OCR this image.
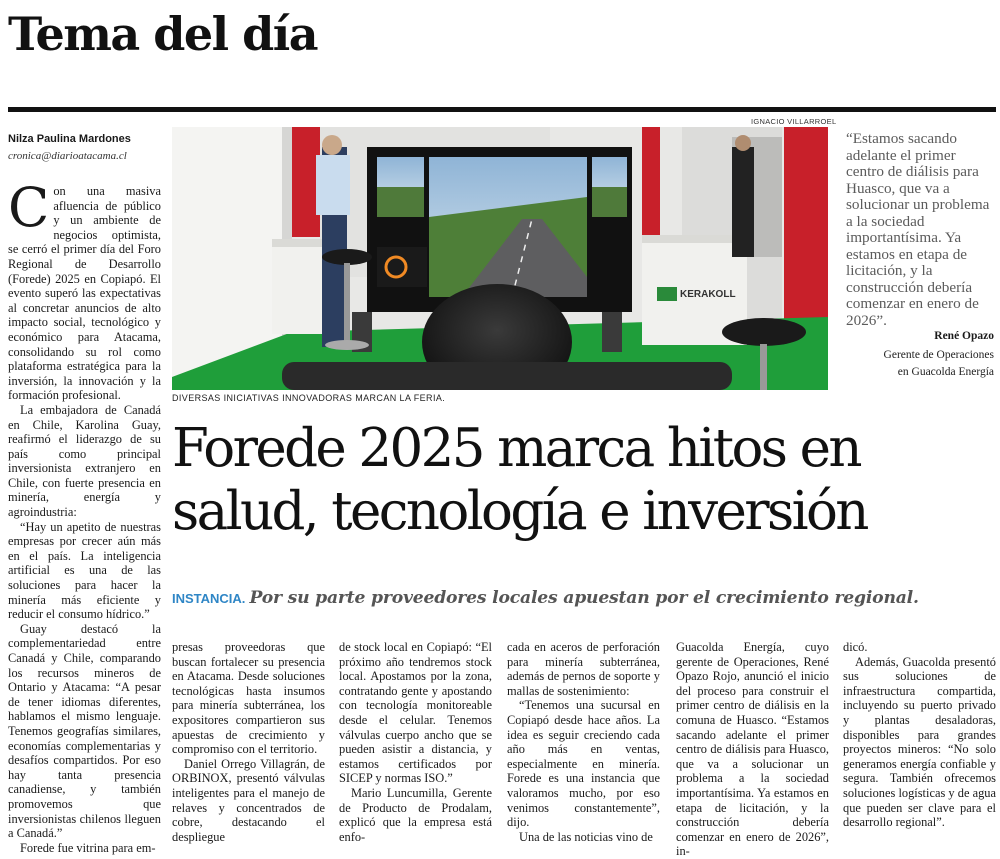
Tema del día
Nilza Paulina Mardones
cronica@diarioatacama.cl

Con una masiva afluencia de público y un ambiente de negocios optimista, se cerró el primer día del Foro Regional de Desarrollo (Forede) 2025 en Copiapó. El evento superó las expectativas al concretar anuncios de alto impacto social, tecnológico y económico para Atacama, consolidando su rol como plataforma estratégica para la inversión, la innovación y la formación profesional.

La embajadora de Canadá en Chile, Karolina Guay, reafirmó el liderazgo de su país como principal inversionista extranjero en Chile, con fuerte presencia en minería, energía y agroindustria:

“Hay un apetito de nuestras empresas por crecer aún más en el país. La inteligencia artificial es una de las soluciones para hacer la minería más eficiente y reducir el consumo hídrico.”

Guay destacó la complementariedad entre Canadá y Chile, comparando los recursos mineros de Ontario y Atacama: “A pesar de tener idiomas diferentes, hablamos el mismo lenguaje. Tenemos geografías similares, economías complementarias y desafíos compartidos. Por eso hay tanta presencia canadiense, y también promovemos que inversionistas chilenos lleguen a Canadá.”

Forede fue vitrina para em-

IGNACIO VILLARROEL
KERAKOLL
DIVERSAS INICIATIVAS INNOVADORAS MARCAN LA FERIA.
“Estamos sacando adelante el primer centro de diálisis para Huasco, que va a solucionar un problema a la sociedad importantísima. Ya estamos en etapa de licitación, y la construcción debería comenzar en enero de 2026”.
René Opazo
Gerente de Operaciones
en Guacolda Energía
Forede 2025 marca hitos en
salud, tecnología e inversión
INSTANCIA. Por su parte proveedores locales apuestan por el crecimiento regional.

presas proveedoras que buscan fortalecer su presencia en Atacama. Desde soluciones tecnológicas hasta insumos para minería subterránea, los expositores compartieron sus apuestas de crecimiento y compromiso con el territorio.

Daniel Orrego Villagrán, de ORBINOX, presentó válvulas inteligentes para el manejo de relaves y concentrados de cobre, destacando el despliegue

de stock local en Copiapó: “El próximo año tendremos stock local. Apostamos por la zona, contratando gente y apostando con tecnología monitoreable desde el celular. Tenemos válvulas cuerpo ancho que se pueden asistir a distancia, y estamos certificados por SICEP y normas ISO.”

Mario Luncumilla, Gerente de Producto de Prodalam, explicó que la empresa está enfo-

cada en aceros de perforación para minería subterránea, además de pernos de soporte y mallas de sostenimiento:

“Tenemos una sucursal en Copiapó desde hace años. La idea es seguir creciendo cada año más en ventas, especialmente en minería. Forede es una instancia que valoramos mucho, por eso venimos constantemente”, dijo.

Una de las noticias vino de

Guacolda Energía, cuyo gerente de Operaciones, René Opazo Rojo, anunció el inicio del proceso para construir el primer centro de diálisis en la comuna de Huasco. “Estamos sacando adelante el primer centro de diálisis para Huasco, que va a solucionar un problema a la sociedad importantísima. Ya estamos en etapa de licitación, y la construcción debería comenzar en enero de 2026”, in-

dicó.

Además, Guacolda presentó sus soluciones de infraestructura compartida, incluyendo su puerto privado y plantas desaladoras, disponibles para grandes proyectos mineros: “No solo generamos energía confiable y segura. También ofrecemos soluciones logísticas y de agua que pueden ser clave para el desarrollo regional”.
